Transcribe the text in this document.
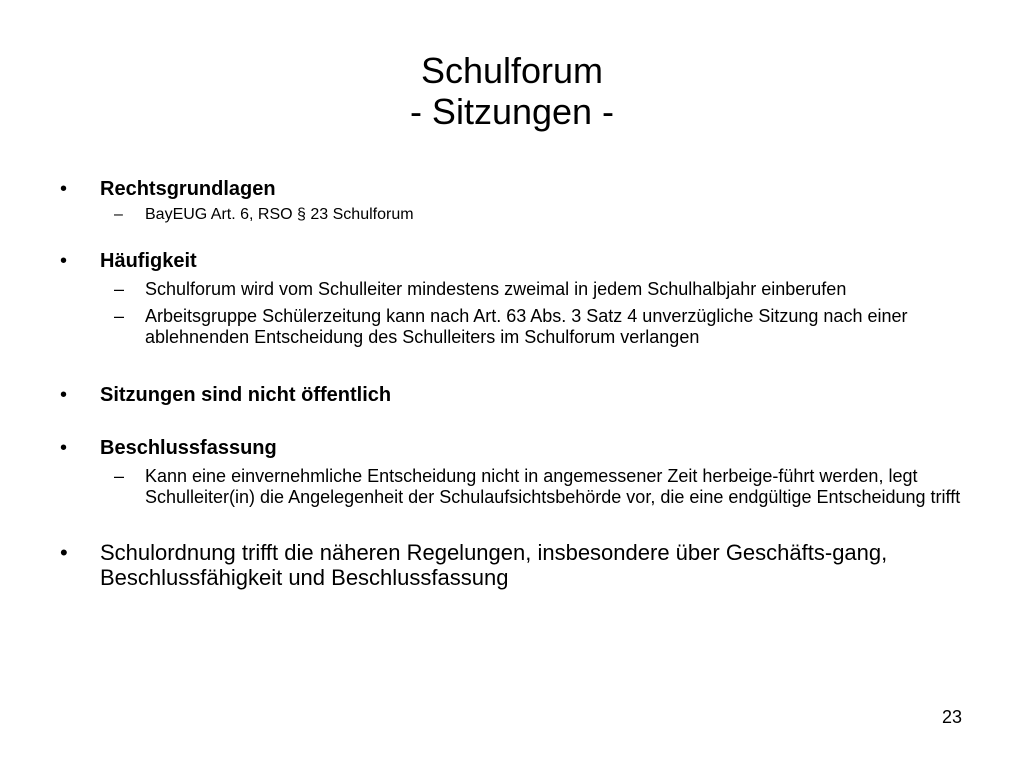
Schulforum
- Sitzungen -
• Rechtsgrundlagen
– BayEUG Art. 6, RSO § 23 Schulforum
• Häufigkeit
– Schulforum wird vom Schulleiter mindestens zweimal in jedem Schulhalbjahr einberufen
– Arbeitsgruppe Schülerzeitung kann nach Art. 63 Abs. 3 Satz 4 unverzügliche Sitzung nach einer ablehnenden Entscheidung des Schulleiters im Schulforum verlangen
• Sitzungen sind nicht öffentlich
• Beschlussfassung
– Kann eine einvernehmliche Entscheidung nicht in angemessener Zeit herbeige-führt werden, legt Schulleiter(in) die Angelegenheit der Schulaufsichtsbehörde vor, die eine endgültige Entscheidung trifft
• Schulordnung trifft die näheren Regelungen, insbesondere über Geschäfts-gang, Beschlussfähigkeit und Beschlussfassung
23
